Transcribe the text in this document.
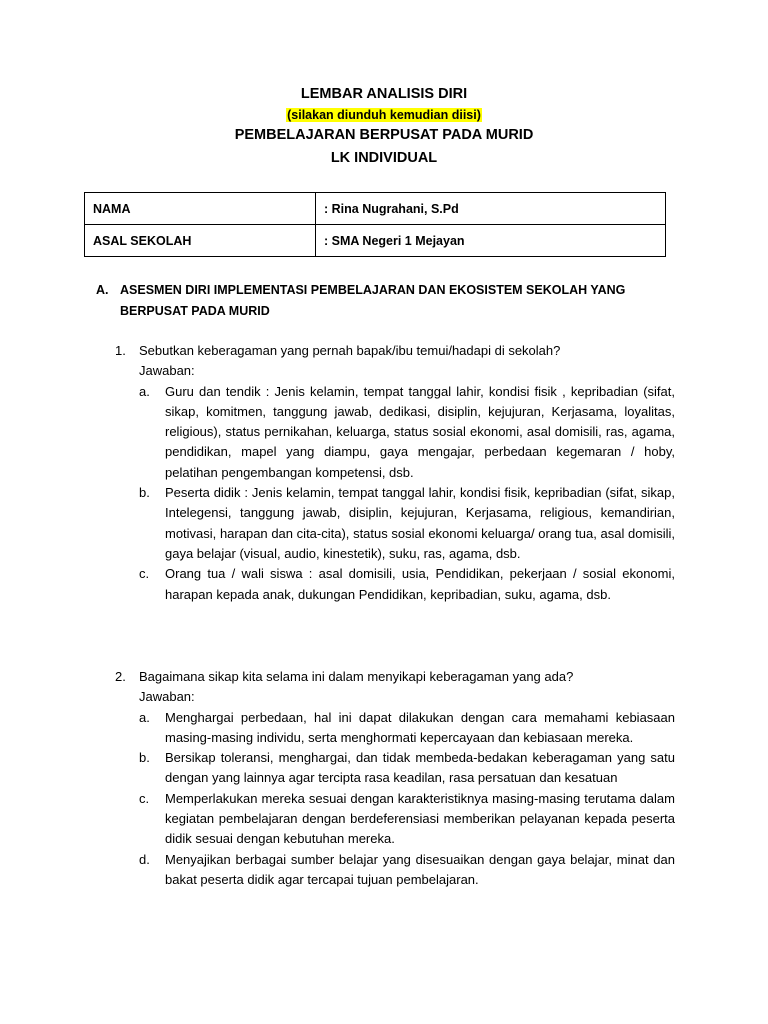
LEMBAR ANALISIS DIRI
(silakan diunduh kemudian diisi)
PEMBELAJARAN BERPUSAT PADA MURID
LK INDIVIDUAL
NAMA	: Rina Nugrahani, S.Pd
ASAL SEKOLAH	: SMA Negeri 1 Mejayan
A. ASESMEN DIRI IMPLEMENTASI PEMBELAJARAN DAN EKOSISTEM SEKOLAH YANG BERPUSAT PADA MURID
1. Sebutkan keberagaman yang pernah bapak/ibu temui/hadapi di sekolah?
Jawaban:
a. Guru dan tendik : Jenis kelamin, tempat tanggal lahir, kondisi fisik , kepribadian (sifat, sikap, komitmen, tanggung jawab, dedikasi, disiplin, kejujuran, Kerjasama, loyalitas, religious), status pernikahan, keluarga, status sosial ekonomi, asal domisili, ras, agama, pendidikan, mapel yang diampu, gaya mengajar, perbedaan kegemaran / hoby, pelatihan pengembangan kompetensi, dsb.
b. Peserta didik : Jenis kelamin, tempat tanggal lahir, kondisi fisik, kepribadian (sifat, sikap, Intelegensi, tanggung jawab, disiplin, kejujuran, Kerjasama, religious, kemandirian, motivasi, harapan dan cita-cita), status sosial ekonomi keluarga/ orang tua, asal domisili, gaya belajar (visual, audio, kinestetik), suku, ras, agama, dsb.
c. Orang tua / wali siswa : asal domisili, usia, Pendidikan, pekerjaan / sosial ekonomi, harapan kepada anak, dukungan Pendidikan, kepribadian, suku, agama, dsb.
2. Bagaimana sikap kita selama ini dalam menyikapi keberagaman yang ada?
Jawaban:
a. Menghargai perbedaan, hal ini dapat dilakukan dengan cara memahami kebiasaan masing-masing individu, serta menghormati kepercayaan dan kebiasaan mereka.
b. Bersikap toleransi, menghargai, dan tidak membeda-bedakan keberagaman yang satu dengan yang lainnya agar tercipta rasa keadilan, rasa persatuan dan kesatuan
c. Memperlakukan mereka sesuai dengan karakteristiknya masing-masing terutama dalam kegiatan pembelajaran dengan berdeferensiasi memberikan pelayanan kepada peserta didik sesuai dengan kebutuhan mereka.
d. Menyajikan berbagai sumber belajar yang disesuaikan dengan gaya belajar, minat dan bakat peserta didik agar tercapai tujuan pembelajaran.
